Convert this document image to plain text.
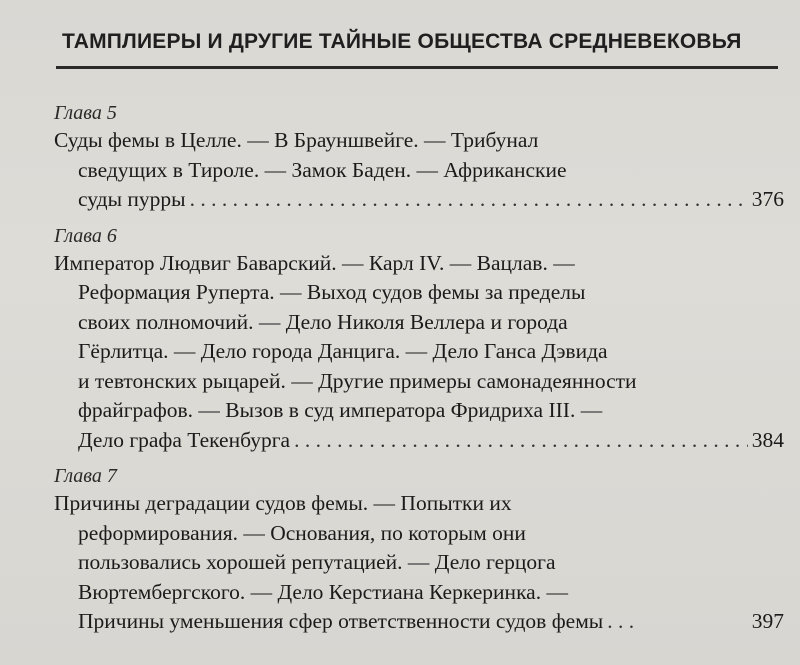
ТАМПЛИЕРЫ И ДРУГИЕ ТАЙНЫЕ ОБЩЕСТВА СРЕДНЕВЕКОВЬЯ
Глава 5
Суды фемы в Целле. — В Брауншвейге. — Трибунал
сведущих в Тироле. — Замок Баден. — Африканские
суды пурры . . .	376
Глава 6
Император Людвиг Баварский. — Карл IV. — Вацлав. —
Реформация Руперта. — Выход судов фемы за пределы
своих полномочий. — Дело Николя Веллера и города
Гёрлитца. — Дело города Данцига. — Дело Ганса Дэвида
и тевтонских рыцарей. — Другие примеры самонадеянности
фрайграфов. — Вызов в суд императора Фридриха III. —
Дело графа Текенбурга . . .	384
Глава 7
Причины деградации судов фемы. — Попытки их
реформирования. — Основания, по которым они
пользовались хорошей репутацией. — Дело герцога
Вюртембергского. — Дело Керстиана Керкеринка. —
Причины уменьшения сфер ответственности судов фемы . . .	397
